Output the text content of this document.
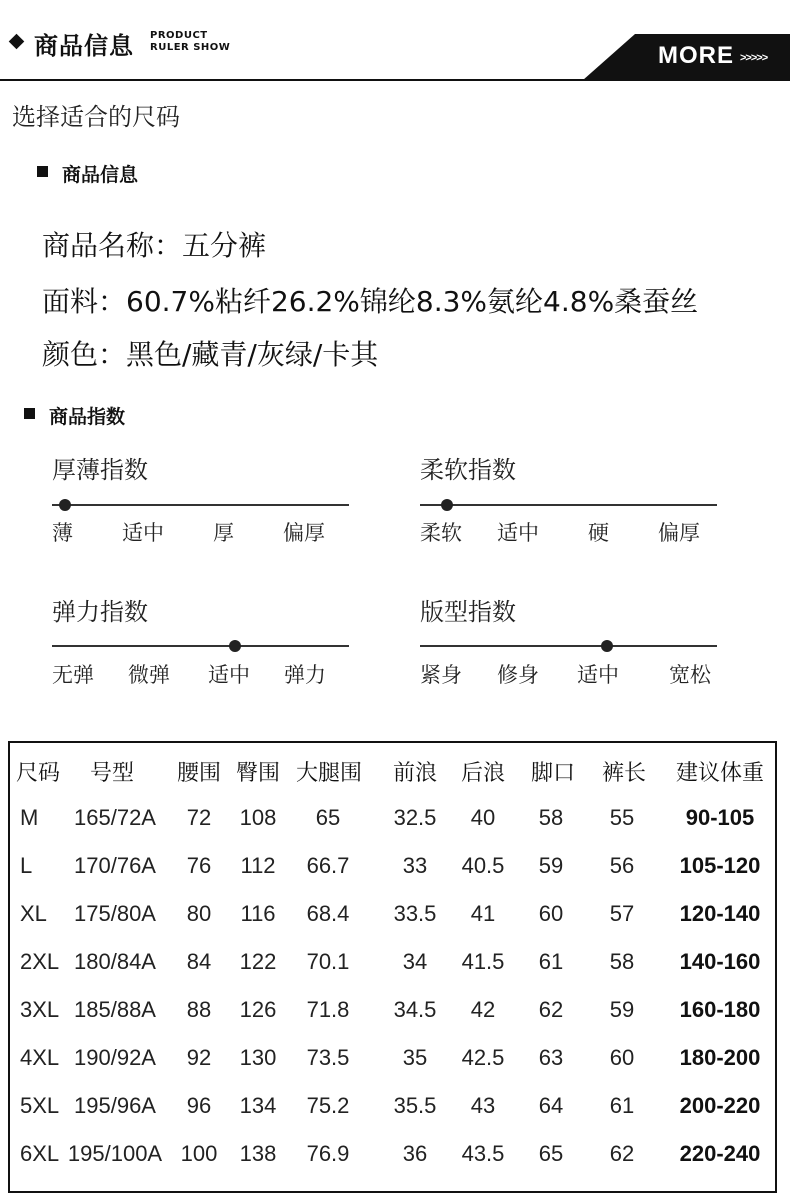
商品信息 PRODUCT
RULER SHOW	MORE >>>>>
选择适合的尺码
商品信息
商品名称：五分裤
面料：60.7%粘纤26.2%锦纶8.3%氨纶4.8%桑蚕丝
颜色：黑色/藏青/灰绿/卡其
商品指数
厚薄指数
薄 适中 厚 偏厚
柔软指数
柔软 适中 硬 偏厚
弹力指数
无弹 微弹 适中 弹力
版型指数
紧身 修身 适中 宽松
尺码 号型 腰围 臀围 大腿围 前浪 后浪 脚口 裤长 建议体重
M 165/72A 72 108 65 32.5 40 58 55 90-105
L 170/76A 76 112 66.7 33 40.5 59 56 105-120
XL 175/80A 80 116 68.4 33.5 41 60 57 120-140
2XL 180/84A 84 122 70.1 34 41.5 61 58 140-160
3XL 185/88A 88 126 71.8 34.5 42 62 59 160-180
4XL 190/92A 92 130 73.5 35 42.5 63 60 180-200
5XL 195/96A 96 134 75.2 35.5 43 64 61 200-220
6XL 195/100A 100 138 76.9 36 43.5 65 62 220-240
